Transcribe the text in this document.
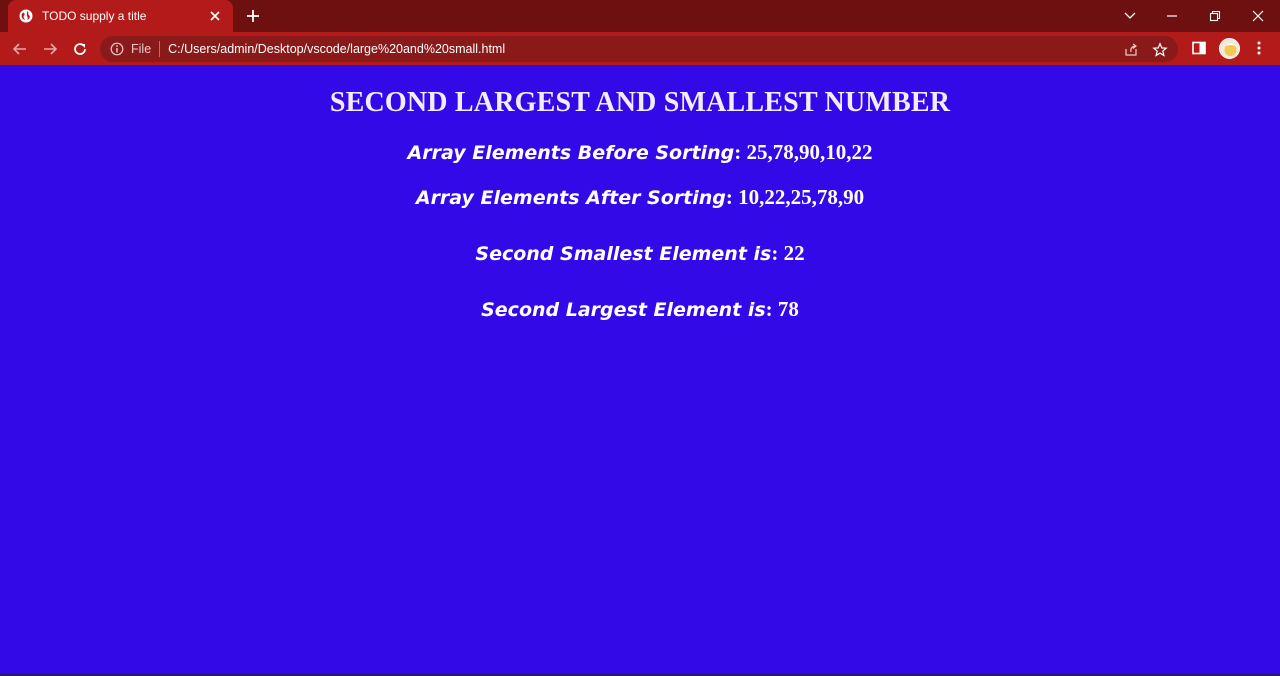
TODO supply a title
File C:/Users/admin/Desktop/vscode/large%20and%20small.html
SECOND LARGEST AND SMALLEST NUMBER
Array Elements Before Sorting: 25,78,90,10,22
Array Elements After Sorting: 10,22,25,78,90
Second Smallest Element is: 22
Second Largest Element is: 78
